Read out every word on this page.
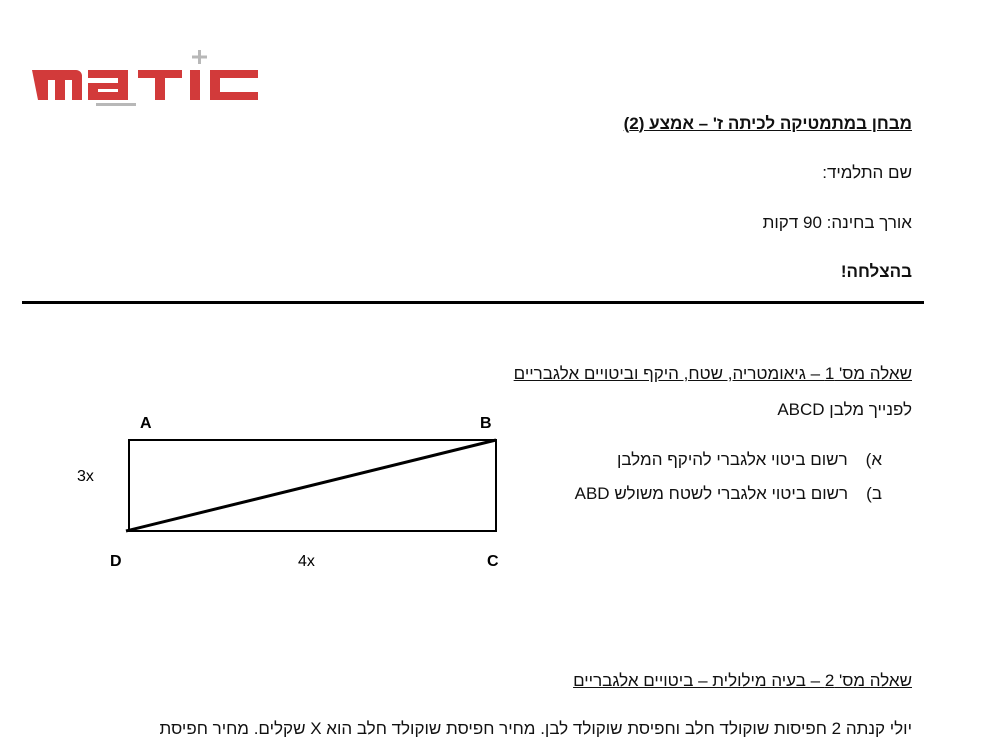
מבחן במתמטיקה לכיתה ז' – אמצע (2)
שם התלמיד:
אורך בחינה: 90 דקות
בהצלחה!
שאלה מס' 1 – גיאומטריה, שטח, היקף וביטויים אלגבריים
לפנייך מלבן ABCD
א)
רשום ביטוי אלגברי להיקף המלבן
ב)
רשום ביטוי אלגברי לשטח משולש ABD
A	B
C
D
3x
4x
שאלה מס' 2 – בעיה מילולית – ביטויים אלגבריים
יולי קנתה 2 חפיסות שוקולד חלב וחפיסת שוקולד לבן. מחיר חפיסת שוקולד חלב הוא X שקלים. מחיר חפיסת
